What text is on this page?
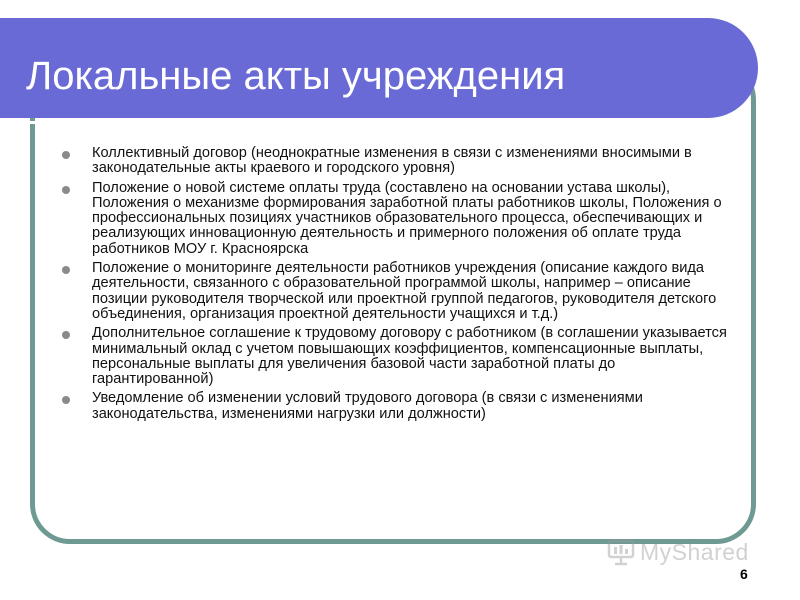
Локальные акты учреждения
Коллективный договор (неоднократные изменения в связи с изменениями вносимыми в законодательные акты краевого и городского уровня)
Положение о новой системе оплаты труда (составлено на основании устава школы), Положения о механизме формирования заработной платы работников школы, Положения о профессиональных позициях участников образовательного процесса, обеспечивающих и реализующих инновационную деятельность и примерного положения об оплате труда работников МОУ г. Красноярска
Положение о мониторинге деятельности работников учреждения (описание каждого вида деятельности, связанного с образовательной программой школы, например – описание позиции руководителя творческой или проектной группой педагогов, руководителя детского объединения, организация проектной деятельности учащихся и т.д.)
Дополнительное соглашение к трудовому договору с работником (в соглашении указывается минимальный оклад с учетом повышающих коэффициентов, компенсационные выплаты, персональные выплаты для увеличения базовой части заработной платы до гарантированной)
Уведомление об изменении условий трудового договора (в связи с изменениями законодательства, изменениями нагрузки или должности)
MyShared
6
